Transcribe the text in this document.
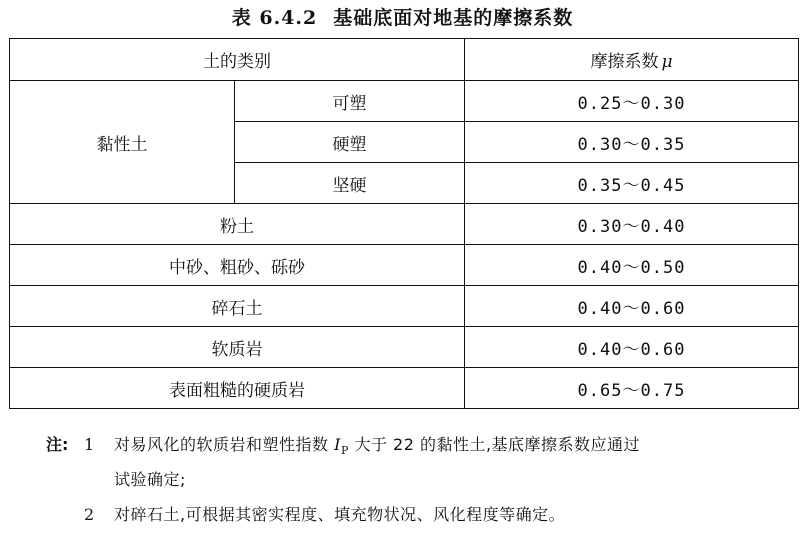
表 6.4.2 基础底面对地基的摩擦系数
土的类别		摩擦系数 μ
黏性土	可塑	0.25～0.30
	硬塑	0.30～0.35
	坚硬	0.35～0.45
粉土		0.30～0.40
中砂、粗砂、砾砂		0.40～0.50
碎石土		0.40～0.60
软质岩		0.40～0.60
表面粗糙的硬质岩		0.65～0.75
注: 1 对易风化的软质岩和塑性指数 $I_P$ 大于 22 的黏性土,基底摩擦系数应通过
试验确定;
2 对碎石土,可根据其密实程度、填充物状况、风化程度等确定。
